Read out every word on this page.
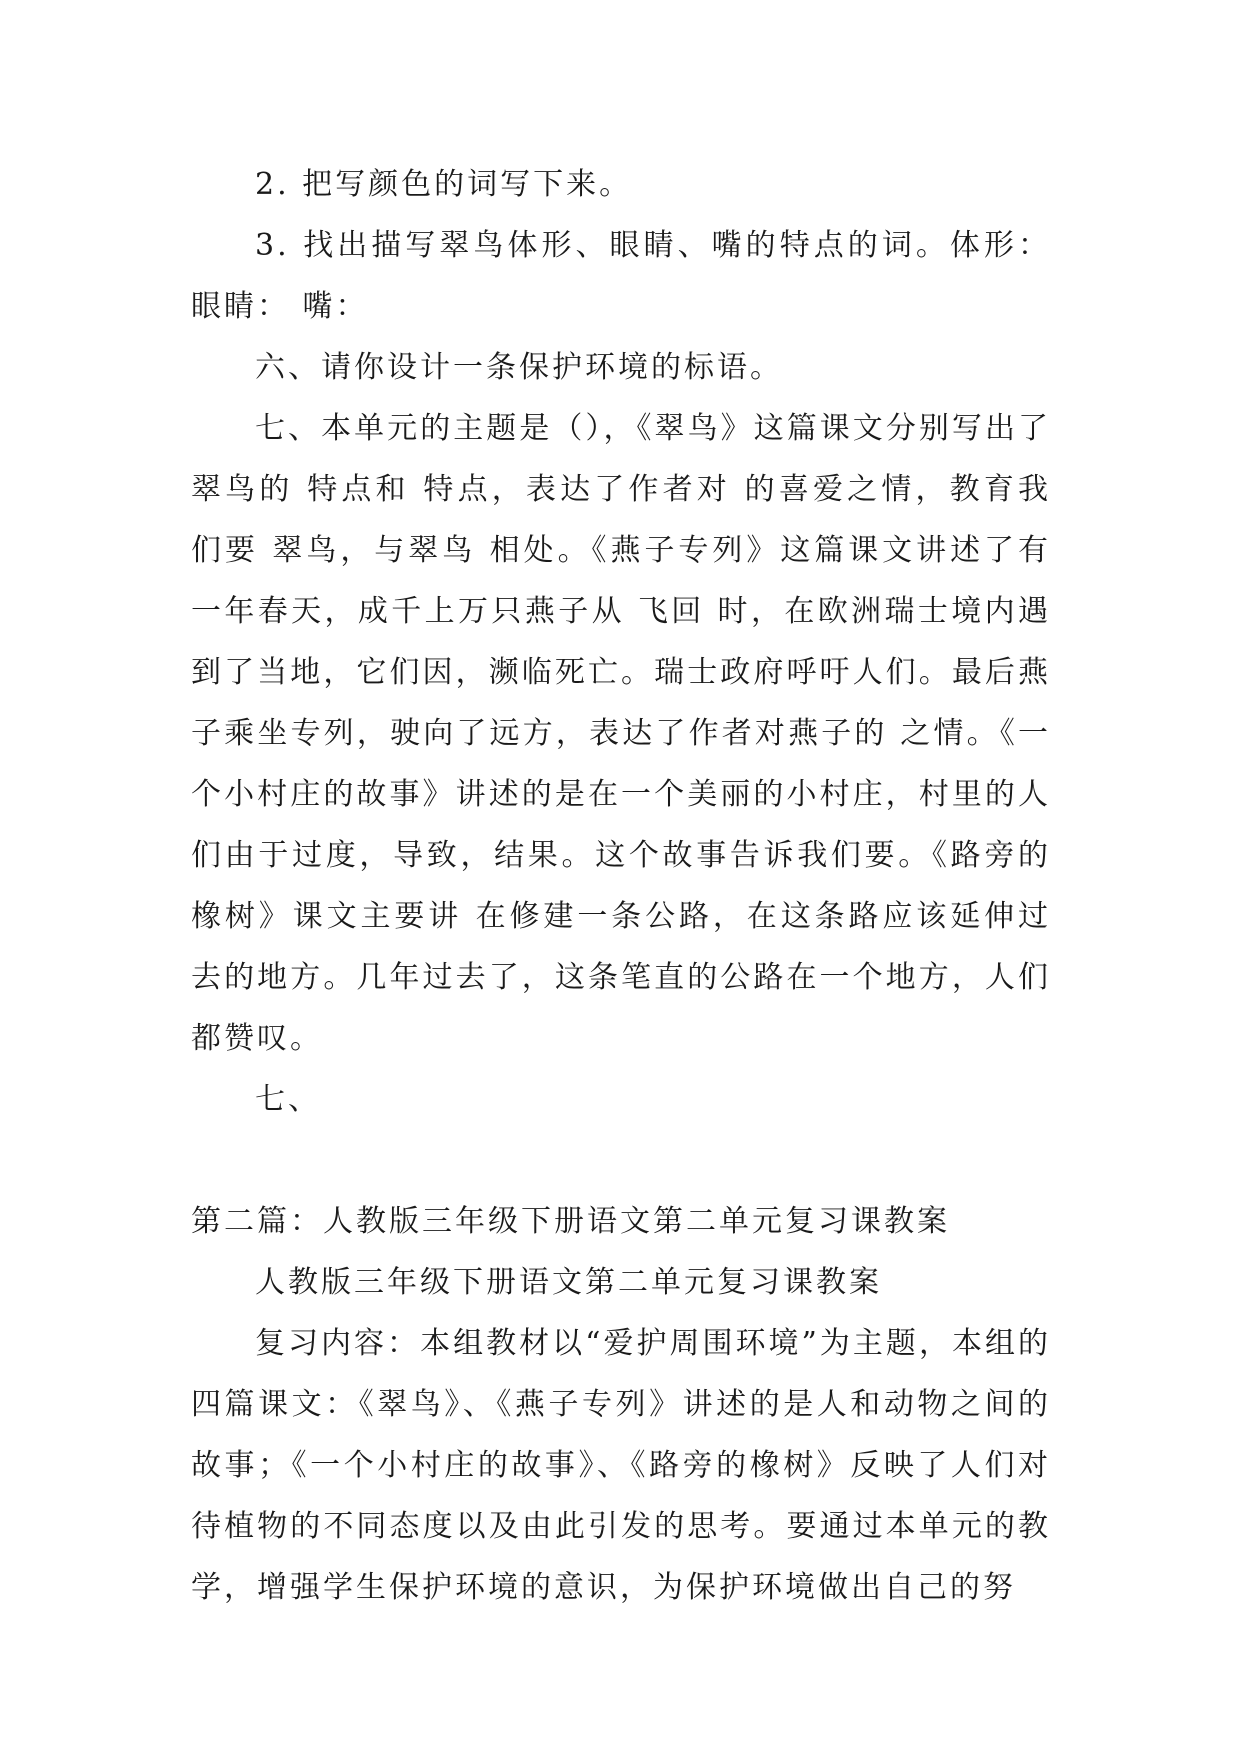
2. 把写颜色的词写下来。

3. 找出描写翠鸟体形、眼睛、嘴的特点的词。体形：眼睛： 嘴：

六、请你设计一条保护环境的标语。

七、本单元的主题是（），《翠鸟》这篇课文分别写出了翠鸟的 特点和 特点，表达了作者对 的喜爱之情，教育我们要 翠鸟，与翠鸟 相处。《燕子专列》这篇课文讲述了有一年春天，成千上万只燕子从 飞回 时，在欧洲瑞士境内遇到了当地，它们因，濒临死亡。瑞士政府呼吁人们。最后燕子乘坐专列，驶向了远方，表达了作者对燕子的 之情。《一个小村庄的故事》讲述的是在一个美丽的小村庄，村里的人们由于过度，导致，结果。这个故事告诉我们要。《路旁的橡树》课文主要讲 在修建一条公路，在这条路应该延伸过去的地方。几年过去了，这条笔直的公路在一个地方，人们都赞叹。

七、

第二篇：人教版三年级下册语文第二单元复习课教案

人教版三年级下册语文第二单元复习课教案

复习内容：本组教材以“爱护周围环境”为主题，本组的四篇课文：《翠鸟》、《燕子专列》讲述的是人和动物之间的故事；《一个小村庄的故事》、《路旁的橡树》反映了人们对待植物的不同态度以及由此引发的思考。要通过本单元的教学，增强学生保护环境的意识，为保护环境做出自己的努
